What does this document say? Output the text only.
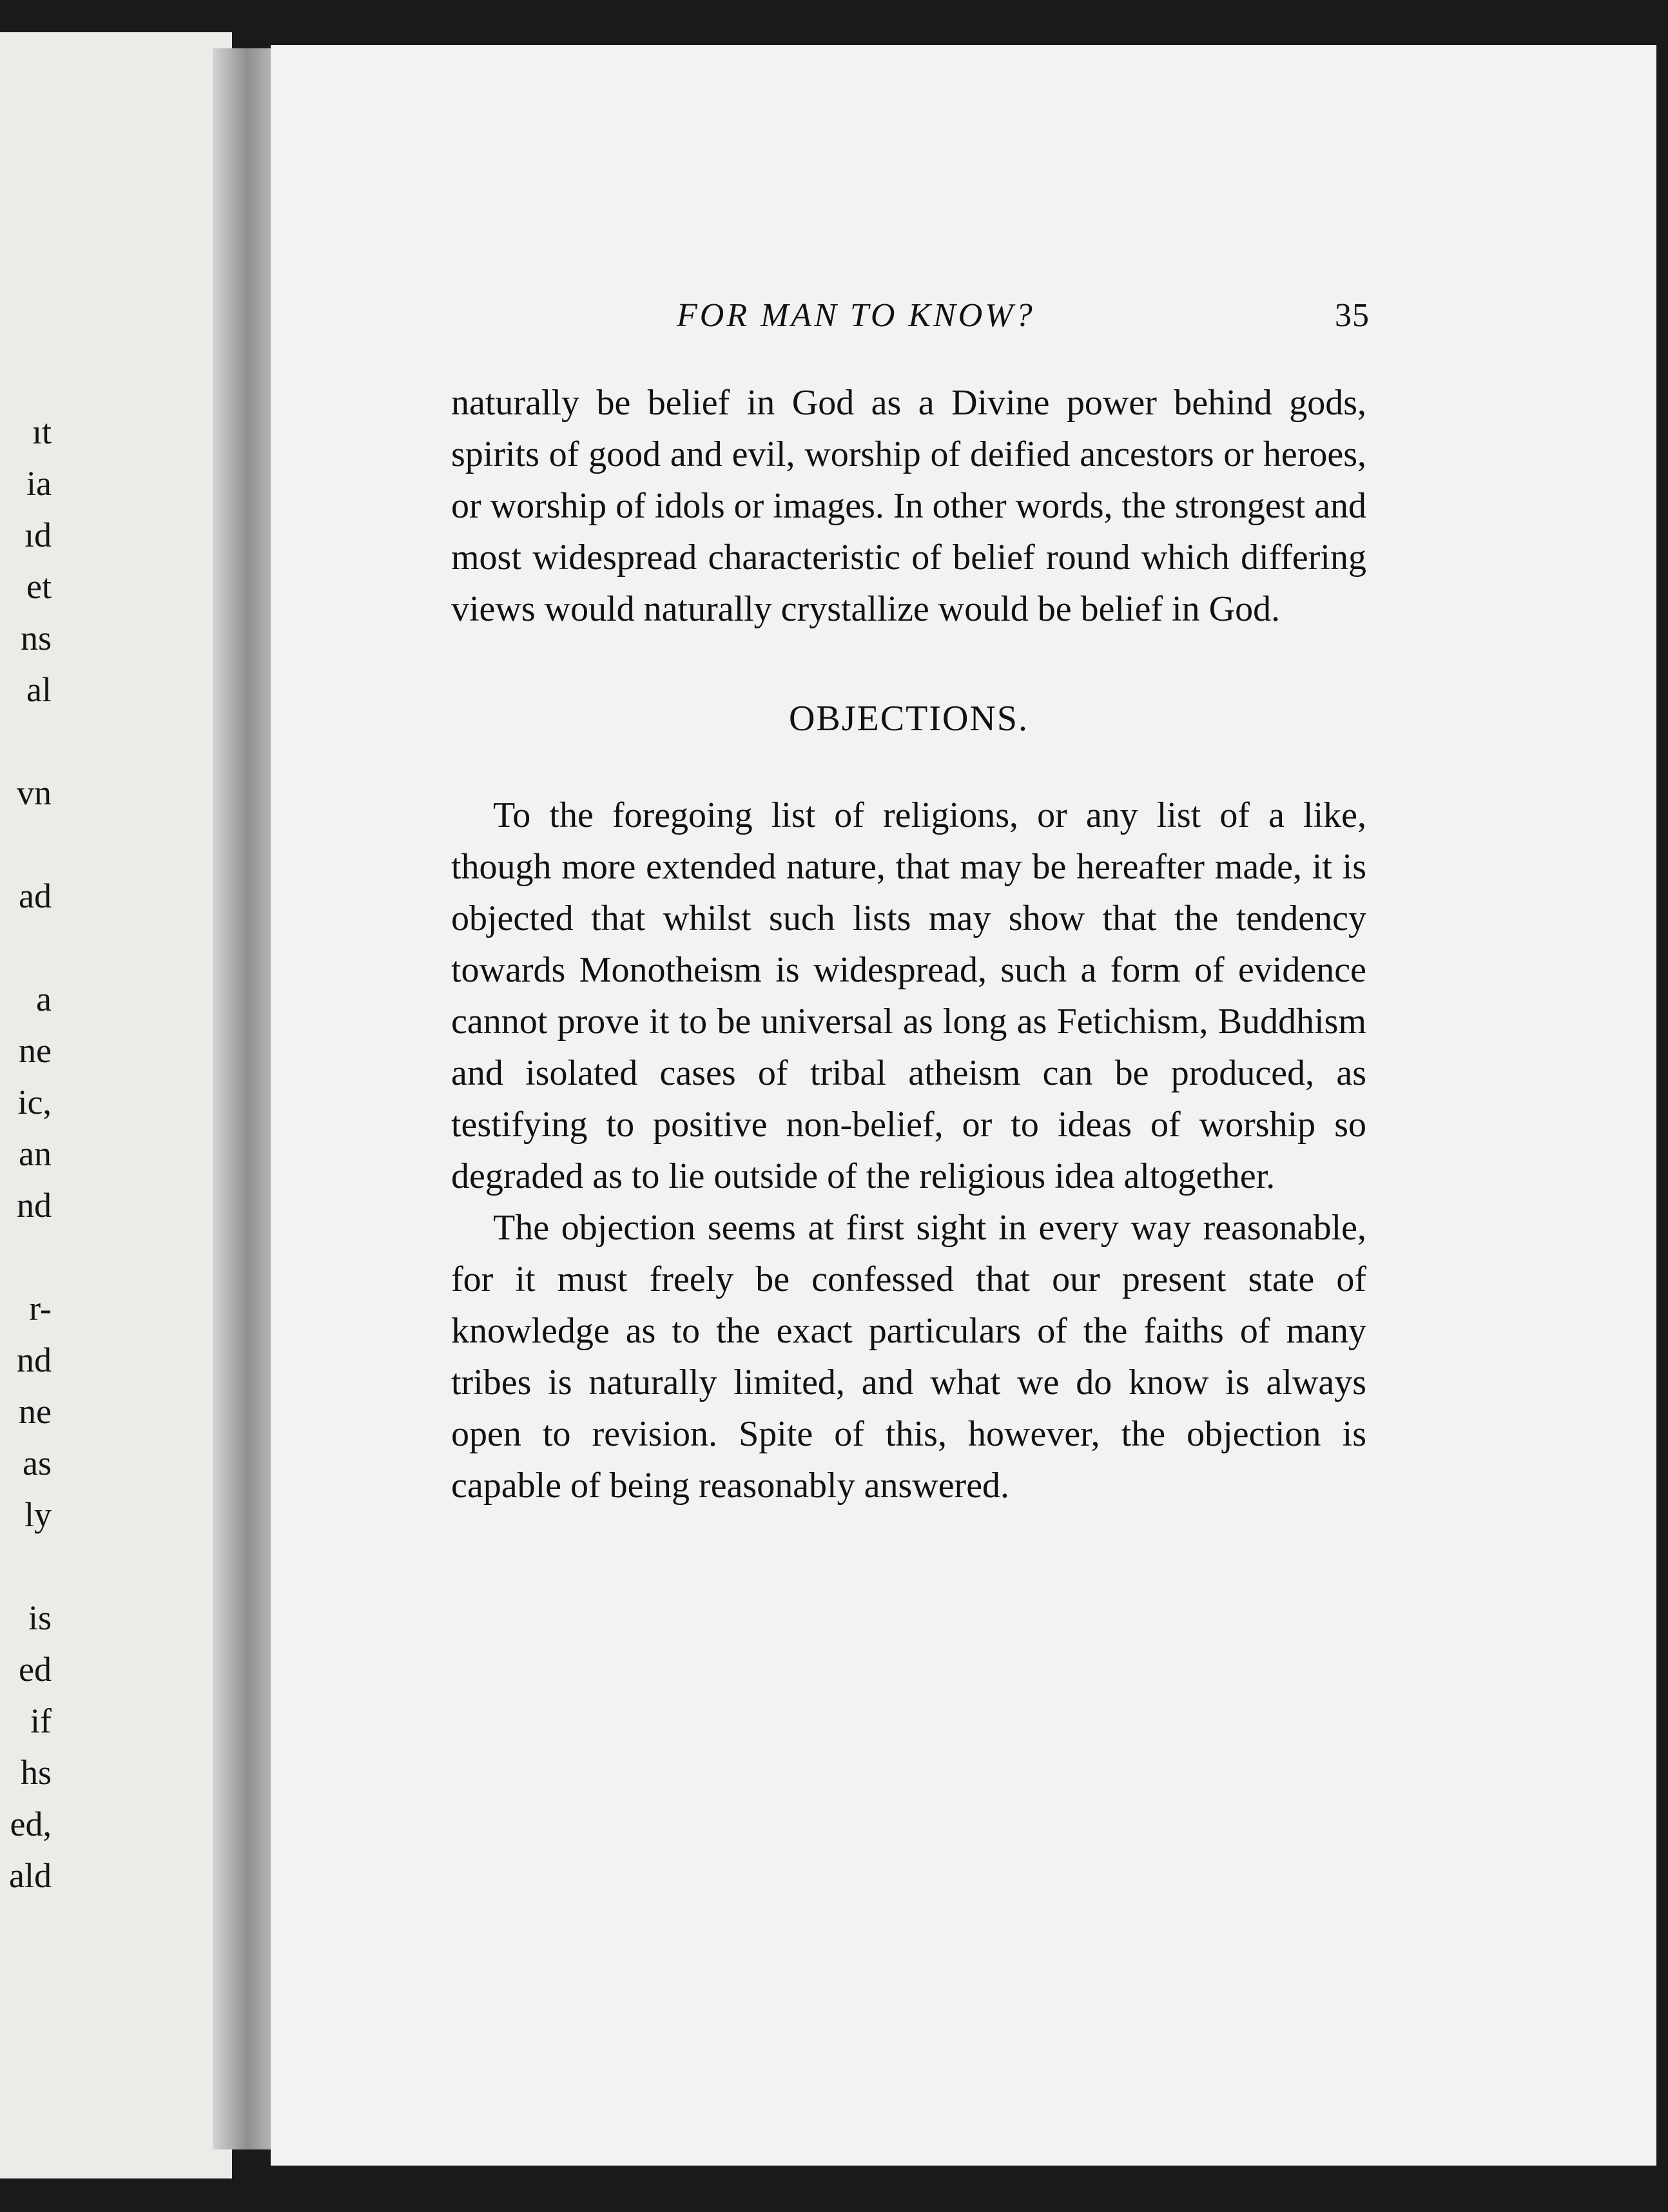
ıt
ia
ıd
et
ns
al
vn
ad
a
ne
ic,
an
nd
r-
nd
ne
as
ly
is
ed
if
hs
ed,
ald
FOR MAN TO KNOW?	35

naturally be belief in God as a Divine power behind gods, spirits of good and evil, worship of deified ancestors or heroes, or worship of idols or images. In other words, the strongest and most widespread characteristic of belief round which differing views would naturally crystallize would be belief in God.

OBJECTIONS.

To the foregoing list of religions, or any list of a like, though more extended nature, that may be hereafter made, it is objected that whilst such lists may show that the tendency towards Monotheism is widespread, such a form of evidence cannot prove it to be universal as long as Fetichism, Buddhism and isolated cases of tribal atheism can be produced, as testifying to positive non-belief, or to ideas of worship so degraded as to lie outside of the religious idea altogether.

The objection seems at first sight in every way reasonable, for it must freely be confessed that our present state of knowledge as to the exact particulars of the faiths of many tribes is naturally limited, and what we do know is always open to revision. Spite of this, however, the objection is capable of being reasonably answered.
